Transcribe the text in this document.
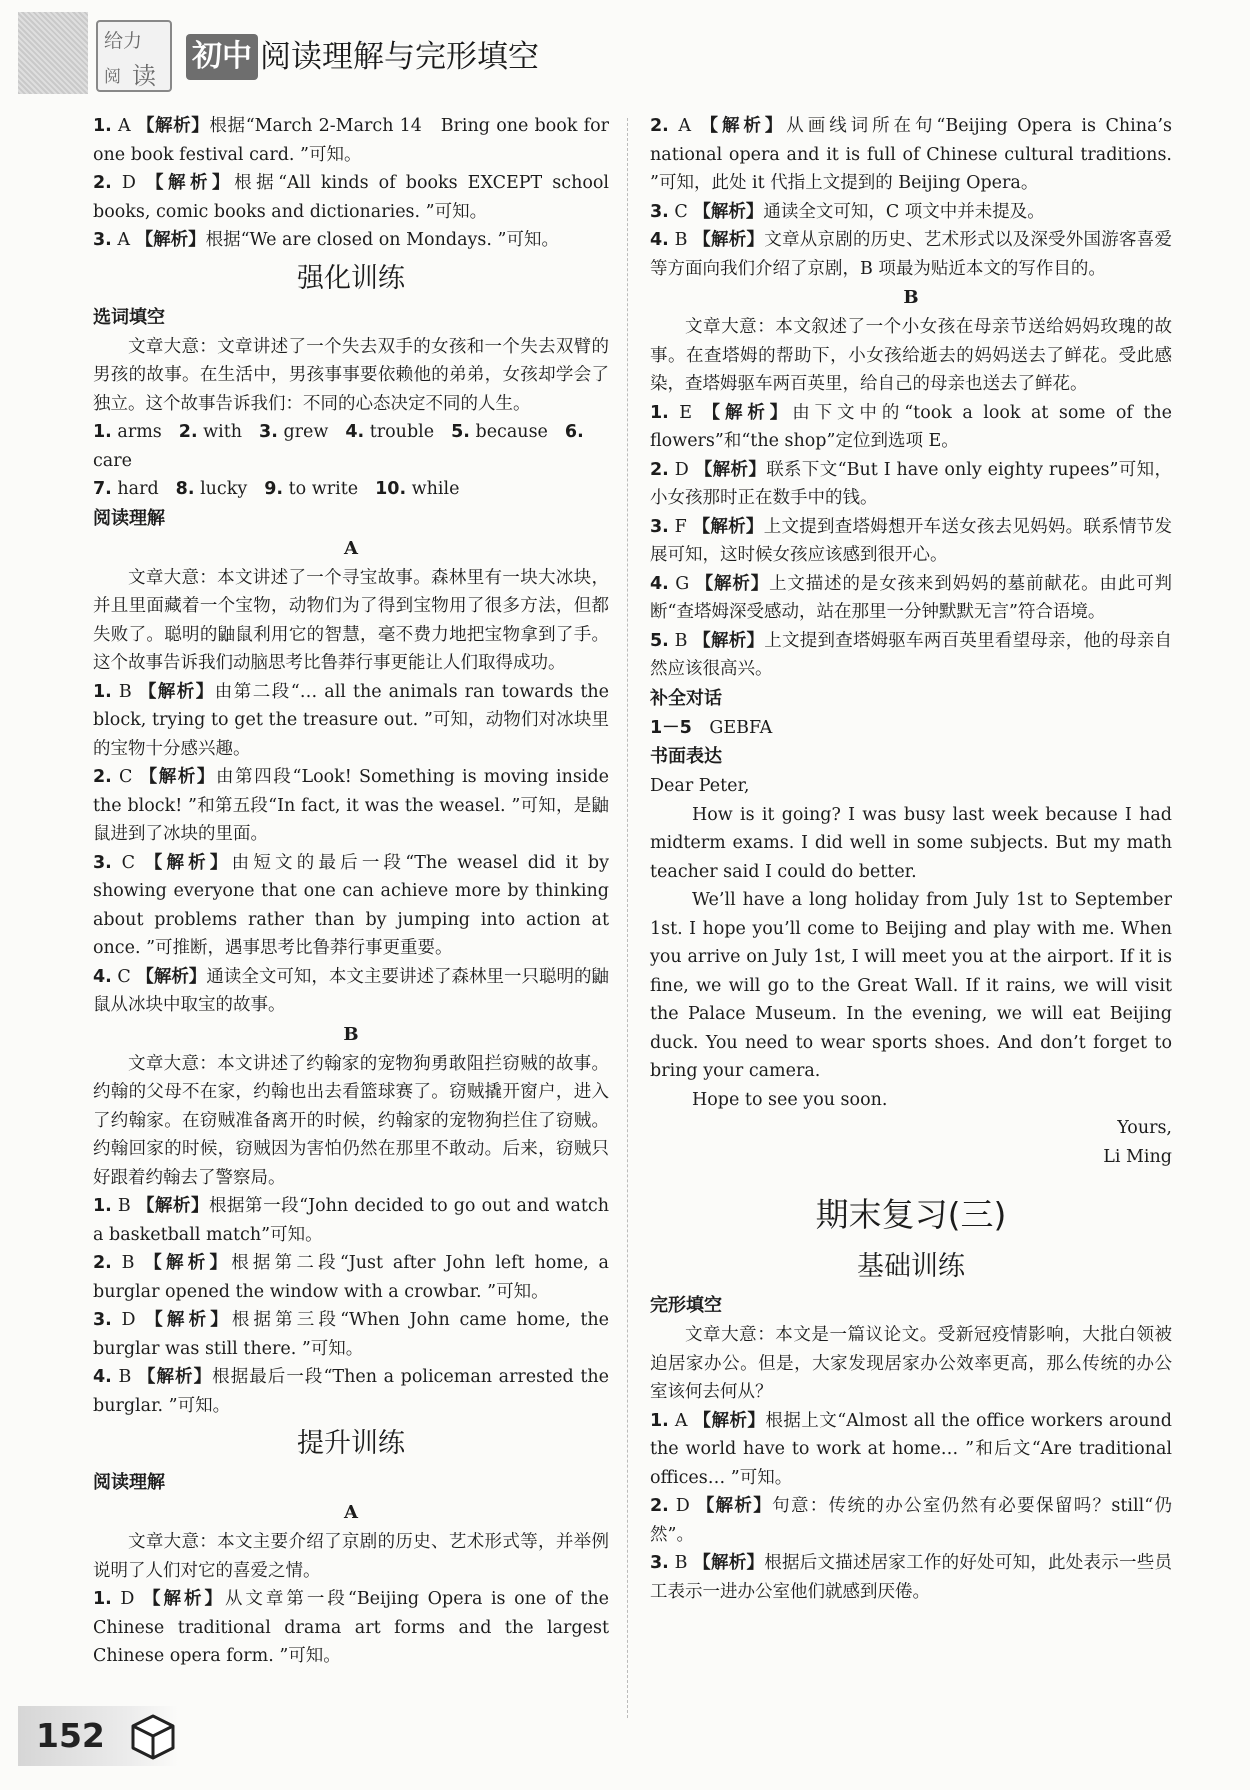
给力
阅 读
初中 阅读理解与完形填空
1. A 【解析】根据“March 2-March 14　Bring one book for one book festival card. ”可知。
2. D 【解析】根据“All kinds of books EXCEPT school books, comic books and dictionaries. ”可知。
3. A 【解析】根据“We are closed on Mondays. ”可知。
强化训练
选词填空
文章大意：文章讲述了一个失去双手的女孩和一个失去双臂的男孩的故事。在生活中，男孩事事要依赖他的弟弟，女孩却学会了独立。这个故事告诉我们：不同的心态决定不同的人生。
1. arms 2. with 3. grew 4. trouble 5. because 6. care
7. hard 8. lucky 9. to write 10. while
阅读理解
A
文章大意：本文讲述了一个寻宝故事。森林里有一块大冰块，并且里面藏着一个宝物，动物们为了得到宝物用了很多方法，但都失败了。聪明的鼬鼠利用它的智慧，毫不费力地把宝物拿到了手。这个故事告诉我们动脑思考比鲁莽行事更能让人们取得成功。
1. B 【解析】由第二段“… all the animals ran towards the block, trying to get the treasure out. ”可知，动物们对冰块里的宝物十分感兴趣。
2. C 【解析】由第四段“Look! Something is moving inside the block! ”和第五段“In fact, it was the weasel. ”可知，是鼬鼠进到了冰块的里面。
3. C 【解析】由短文的最后一段“The weasel did it by showing everyone that one can achieve more by thinking about problems rather than by jumping into action at once. ”可推断，遇事思考比鲁莽行事更重要。
4. C 【解析】通读全文可知，本文主要讲述了森林里一只聪明的鼬鼠从冰块中取宝的故事。
B
文章大意：本文讲述了约翰家的宠物狗勇敢阻拦窃贼的故事。约翰的父母不在家，约翰也出去看篮球赛了。窃贼撬开窗户，进入了约翰家。在窃贼准备离开的时候，约翰家的宠物狗拦住了窃贼。约翰回家的时候，窃贼因为害怕仍然在那里不敢动。后来，窃贼只好跟着约翰去了警察局。
1. B 【解析】根据第一段“John decided to go out and watch a basketball match”可知。
2. B 【解析】根据第二段“Just after John left home, a burglar opened the window with a crowbar. ”可知。
3. D 【解析】根据第三段“When John came home, the burglar was still there. ”可知。
4. B 【解析】根据最后一段“Then a policeman arrested the burglar. ”可知。
提升训练
阅读理解
A
文章大意：本文主要介绍了京剧的历史、艺术形式等，并举例说明了人们对它的喜爱之情。
1. D 【解析】从文章第一段“Beijing Opera is one of the Chinese traditional drama art forms and the largest Chinese opera form. ”可知。
2. A 【解析】从画线词所在句“Beijing Opera is China’s national opera and it is full of Chinese cultural traditions. ”可知，此处 it 代指上文提到的 Beijing Opera。
3. C 【解析】通读全文可知，C 项文中并未提及。
4. B 【解析】文章从京剧的历史、艺术形式以及深受外国游客喜爱等方面向我们介绍了京剧，B 项最为贴近本文的写作目的。
B
文章大意：本文叙述了一个小女孩在母亲节送给妈妈玫瑰的故事。在查塔姆的帮助下，小女孩给逝去的妈妈送去了鲜花。受此感染，查塔姆驱车两百英里，给自己的母亲也送去了鲜花。
1. E 【解析】由下文中的“took a look at some of the flowers”和“the shop”定位到选项 E。
2. D 【解析】联系下文“But I have only eighty rupees”可知，小女孩那时正在数手中的钱。
3. F 【解析】上文提到查塔姆想开车送女孩去见妈妈。联系情节发展可知，这时候女孩应该感到很开心。
4. G 【解析】上文描述的是女孩来到妈妈的墓前献花。由此可判断“查塔姆深受感动，站在那里一分钟默默无言”符合语境。
5. B 【解析】上文提到查塔姆驱车两百英里看望母亲，他的母亲自然应该很高兴。
补全对话
1－5　GEBFA
书面表达

Dear Peter,

How is it going? I was busy last week because I had midterm exams. I did well in some subjects. But my math teacher said I could do better.

We’ll have a long holiday from July 1st to September 1st. I hope you’ll come to Beijing and play with me. When you arrive on July 1st, I will meet you at the airport. If it is fine, we will go to the Great Wall. If it rains, we will visit the Palace Museum. In the evening, we will eat Beijing duck. You need to wear sports shoes. And don’t forget to bring your camera.

Hope to see you soon.

Yours,

Li Ming

期末复习(三)
基础训练
完形填空
文章大意：本文是一篇议论文。受新冠疫情影响，大批白领被迫居家办公。但是，大家发现居家办公效率更高，那么传统的办公室该何去何从？
1. A 【解析】根据上文“Almost all the office workers around the world have to work at home… ”和后文“Are traditional offices… ”可知。
2. D 【解析】句意：传统的办公室仍然有必要保留吗？still“仍然”。
3. B 【解析】根据后文描述居家工作的好处可知，此处表示一些员工表示一进办公室他们就感到厌倦。
152
